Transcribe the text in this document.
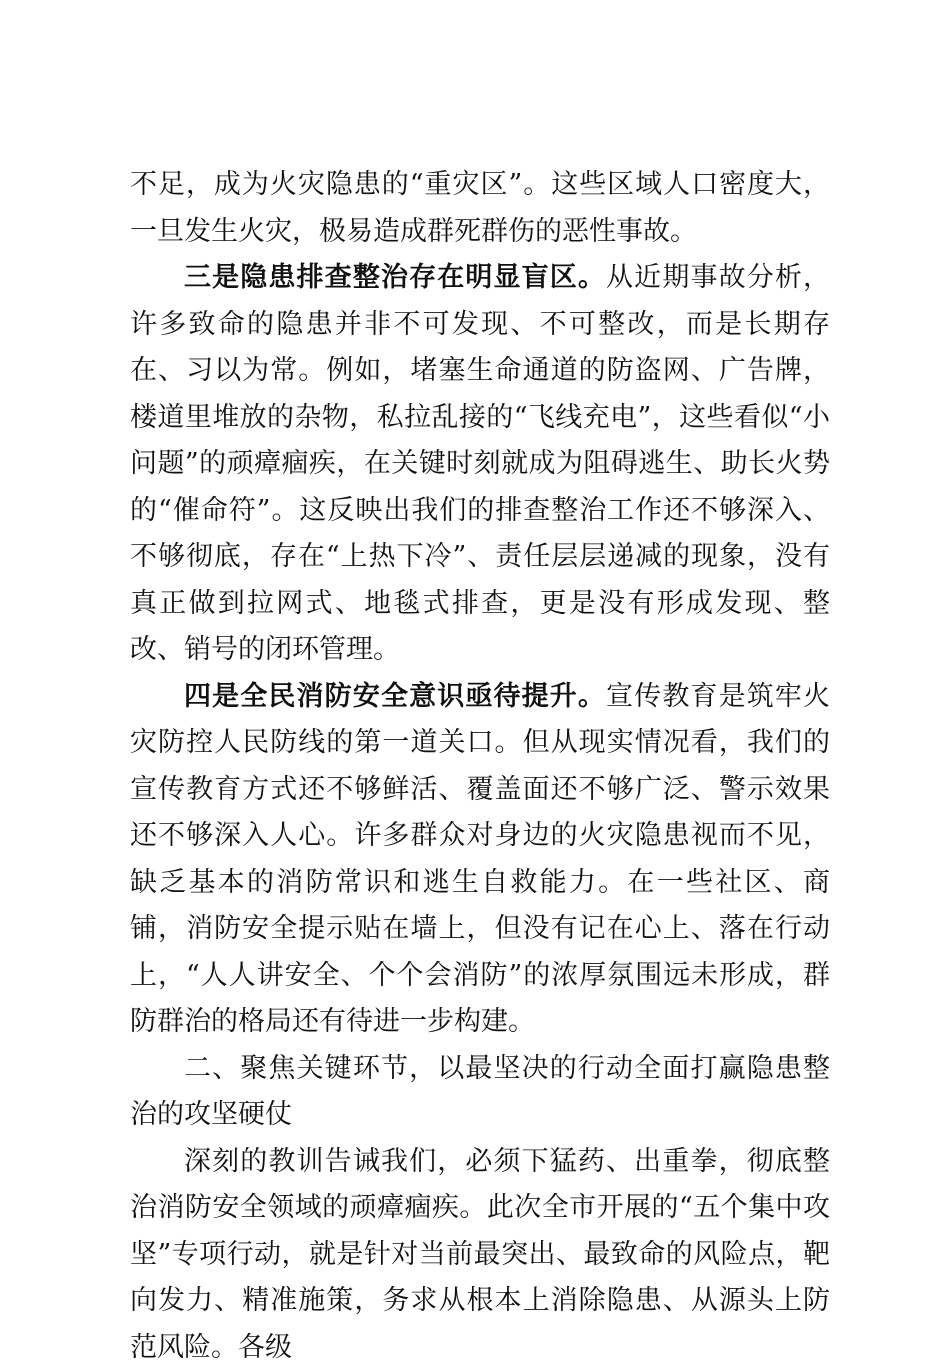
不足，成为火灾隐患的“重灾区”。这些区域人口密度大，一旦发生火灾，极易造成群死群伤的恶性事故。

三是隐患排查整治存在明显盲区。从近期事故分析，许多致命的隐患并非不可发现、不可整改，而是长期存在、习以为常。例如，堵塞生命通道的防盗网、广告牌，楼道里堆放的杂物，私拉乱接的“飞线充电”，这些看似“小问题”的顽瘴痼疾，在关键时刻就成为阻碍逃生、助长火势的“催命符”。这反映出我们的排查整治工作还不够深入、不够彻底，存在“上热下冷”、责任层层递减的现象，没有真正做到拉网式、地毯式排查，更是没有形成发现、整改、销号的闭环管理。

四是全民消防安全意识亟待提升。宣传教育是筑牢火灾防控人民防线的第一道关口。但从现实情况看，我们的宣传教育方式还不够鲜活、覆盖面还不够广泛、警示效果还不够深入人心。许多群众对身边的火灾隐患视而不见，缺乏基本的消防常识和逃生自救能力。在一些社区、商铺，消防安全提示贴在墙上，但没有记在心上、落在行动上，“人人讲安全、个个会消防”的浓厚氛围远未形成，群防群治的格局还有待进一步构建。

二、聚焦关键环节，以最坚决的行动全面打赢隐患整治的攻坚硬仗

深刻的教训告诫我们，必须下猛药、出重拳，彻底整治消防安全领域的顽瘴痼疾。此次全市开展的“五个集中攻坚”专项行动，就是针对当前最突出、最致命的风险点，靶向发力、精准施策，务求从根本上消除隐患、从源头上防范风险。各级
